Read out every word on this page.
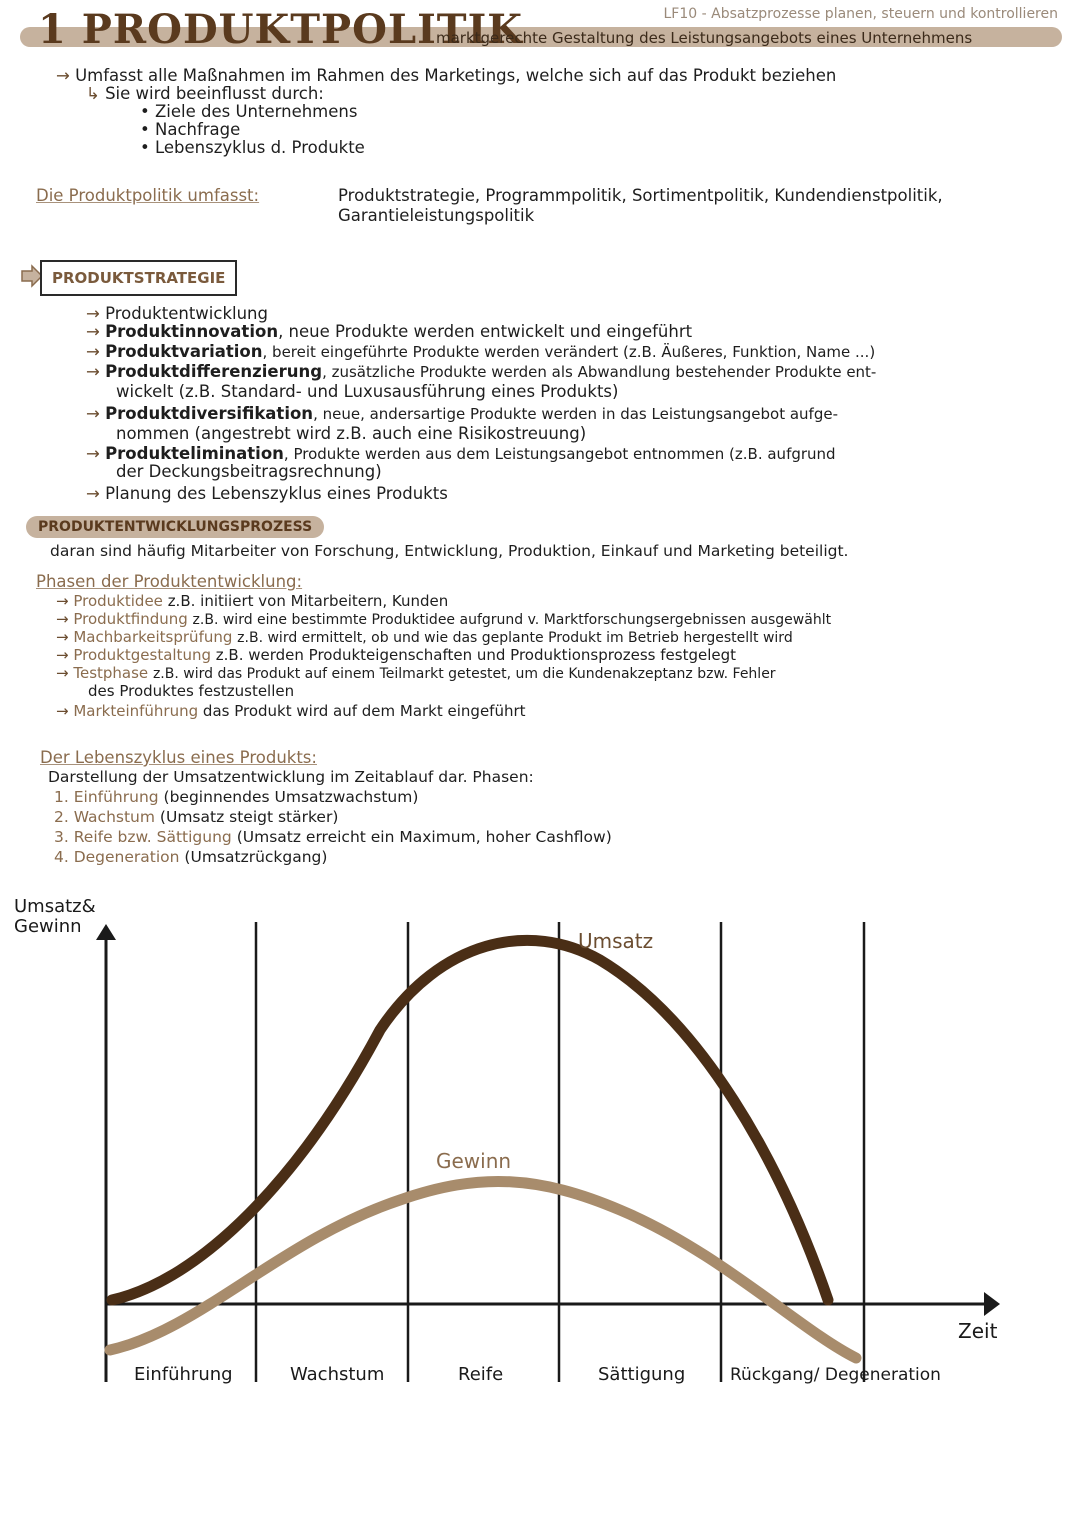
1 PRODUKTPOLITIK	LF10 - Absatzprozesse planen, steuern und kontrollieren
marktgerechte Gestaltung des Leistungsangebots eines Unternehmens
→ Umfasst alle Maßnahmen im Rahmen des Marketings, welche sich auf das Produkt beziehen
↳ Sie wird beeinflusst durch:
• Ziele des Unternehmens
• Nachfrage
• Lebenszyklus d. Produkte
Die Produktpolitik umfasst:	Produktstrategie, Programmpolitik, Sortimentpolitik, Kundendienstpolitik,
Garantieleistungspolitik
PRODUKTSTRATEGIE
→ Produktentwicklung
→ Produktinnovation, neue Produkte werden entwickelt und eingeführt
→ Produktvariation, bereit eingeführte Produkte werden verändert (z.B. Äußeres, Funktion, Name ...)
→ Produktdifferenzierung, zusätzliche Produkte werden als Abwandlung bestehender Produkte ent-
wickelt (z.B. Standard- und Luxusausführung eines Produkts)
→ Produktdiversifikation, neue, andersartige Produkte werden in das Leistungsangebot aufge-
nommen (angestrebt wird z.B. auch eine Risikostreuung)
→ Produktelimination, Produkte werden aus dem Leistungsangebot entnommen (z.B. aufgrund
der Deckungsbeitragsrechnung)
→ Planung des Lebenszyklus eines Produkts
PRODUKTENTWICKLUNGSPROZESS
daran sind häufig Mitarbeiter von Forschung, Entwicklung, Produktion, Einkauf und Marketing beteiligt.
Phasen der Produktentwicklung:
→ Produktidee z.B. initiiert von Mitarbeitern, Kunden
→ Produktfindung z.B. wird eine bestimmte Produktidee aufgrund v. Marktforschungsergebnissen ausgewählt
→ Machbarkeitsprüfung z.B. wird ermittelt, ob und wie das geplante Produkt im Betrieb hergestellt wird
→ Produktgestaltung z.B. werden Produkteigenschaften und Produktionsprozess festgelegt
→ Testphase z.B. wird das Produkt auf einem Teilmarkt getestet, um die Kundenakzeptanz bzw. Fehler
des Produktes festzustellen
→ Markteinführung das Produkt wird auf dem Markt eingeführt
Der Lebenszyklus eines Produkts:
Darstellung der Umsatzentwicklung im Zeitablauf dar. Phasen:
1. Einführung (beginnendes Umsatzwachstum)
2. Wachstum (Umsatz steigt stärker)
3. Reife bzw. Sättigung (Umsatz erreicht ein Maximum, hoher Cashflow)
4. Degeneration (Umsatzrückgang)
Umsatz&
Gewinn
Zeit
Umsatz
Gewinn
Einführung	Wachstum	Reife	Sättigung	Rückgang/ Degeneration
